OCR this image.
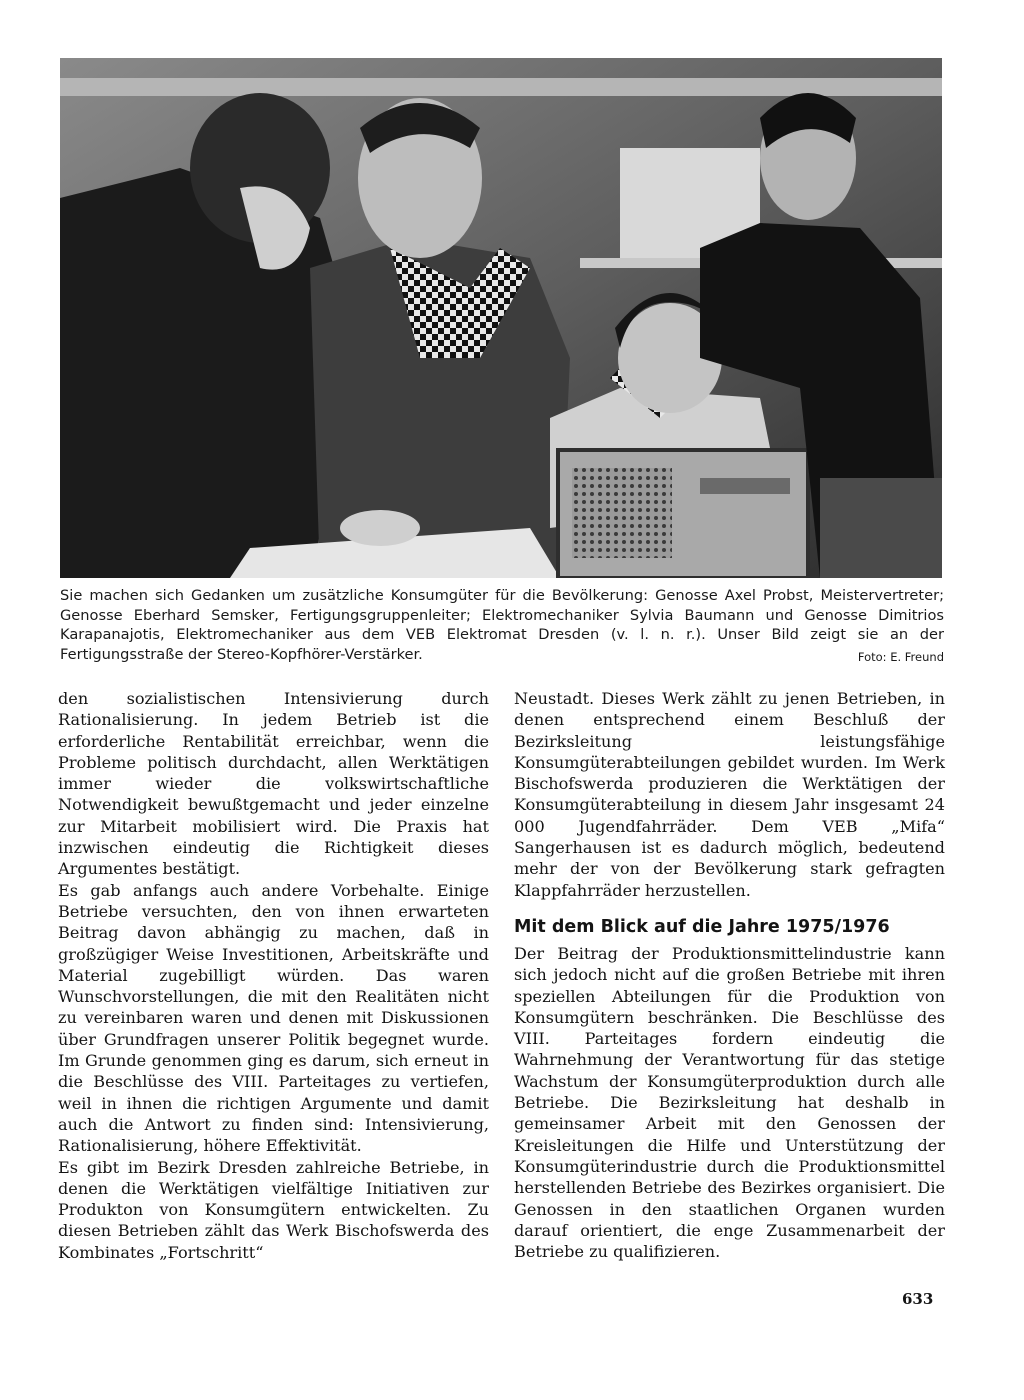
Sie machen sich Gedanken um zusätzliche Konsumgüter für die Bevölkerung: Genosse Axel Probst, Meistervertreter; Genosse Eberhard Semsker, Fertigungsgruppenleiter; Elektromechaniker Sylvia Baumann und Genosse Dimitrios Karapanajotis, Elektromechaniker aus dem VEB Elektromat Dresden (v. l. n. r.). Unser Bild zeigt sie an der Fertigungsstraße der Stereo-Kopfhörer-Verstärker.	Foto: E. Freund

den sozialistischen Intensivierung durch Rationalisierung. In jedem Betrieb ist die erforderliche Rentabilität erreichbar, wenn die Probleme politisch durchdacht, allen Werktätigen immer wieder die volkswirtschaftliche Notwendigkeit bewußtgemacht und jeder einzelne zur Mitarbeit mobilisiert wird. Die Praxis hat inzwischen eindeutig die Richtigkeit dieses Argumentes bestätigt.

Es gab anfangs auch andere Vorbehalte. Einige Betriebe versuchten, den von ihnen erwarteten Beitrag davon abhängig zu machen, daß in großzügiger Weise Investitionen, Arbeitskräfte und Material zugebilligt würden. Das waren Wunschvorstellungen, die mit den Realitäten nicht zu vereinbaren waren und denen mit Diskussionen über Grundfragen unserer Politik begegnet wurde. Im Grunde genommen ging es darum, sich erneut in die Beschlüsse des VIII. Parteitages zu vertiefen, weil in ihnen die richtigen Argumente und damit auch die Antwort zu finden sind: Intensivierung, Rationalisierung, höhere Effektivität.

Es gibt im Bezirk Dresden zahlreiche Betriebe, in denen die Werktätigen vielfältige Initiativen zur Produkton von Konsumgütern entwickelten. Zu diesen Betrieben zählt das Werk Bischofswerda des Kombinates „Fortschritt“

Neustadt. Dieses Werk zählt zu jenen Betrieben, in denen entsprechend einem Beschluß der Bezirksleitung leistungsfähige Konsumgüterabteilungen gebildet wurden. Im Werk Bischofswerda produzieren die Werktätigen der Konsumgüterabteilung in diesem Jahr insgesamt 24 000 Jugendfahrräder. Dem VEB „Mifa“ Sangerhausen ist es dadurch möglich, bedeutend mehr der von der Bevölkerung stark gefragten Klappfahrräder herzustellen.

Mit dem Blick auf die Jahre 1975/1976

Der Beitrag der Produktionsmittelindustrie kann sich jedoch nicht auf die großen Betriebe mit ihren speziellen Abteilungen für die Produktion von Konsumgütern beschränken. Die Beschlüsse des VIII. Parteitages fordern eindeutig die Wahrnehmung der Verantwortung für das stetige Wachstum der Konsumgüterproduktion durch alle Betriebe. Die Bezirksleitung hat deshalb in gemeinsamer Arbeit mit den Genossen der Kreisleitungen die Hilfe und Unterstützung der Konsumgüterindustrie durch die Produktionsmittel herstellenden Betriebe des Bezirkes organisiert. Die Genossen in den staatlichen Organen wurden darauf orientiert, die enge Zusammenarbeit der Betriebe zu qualifizieren.

633
